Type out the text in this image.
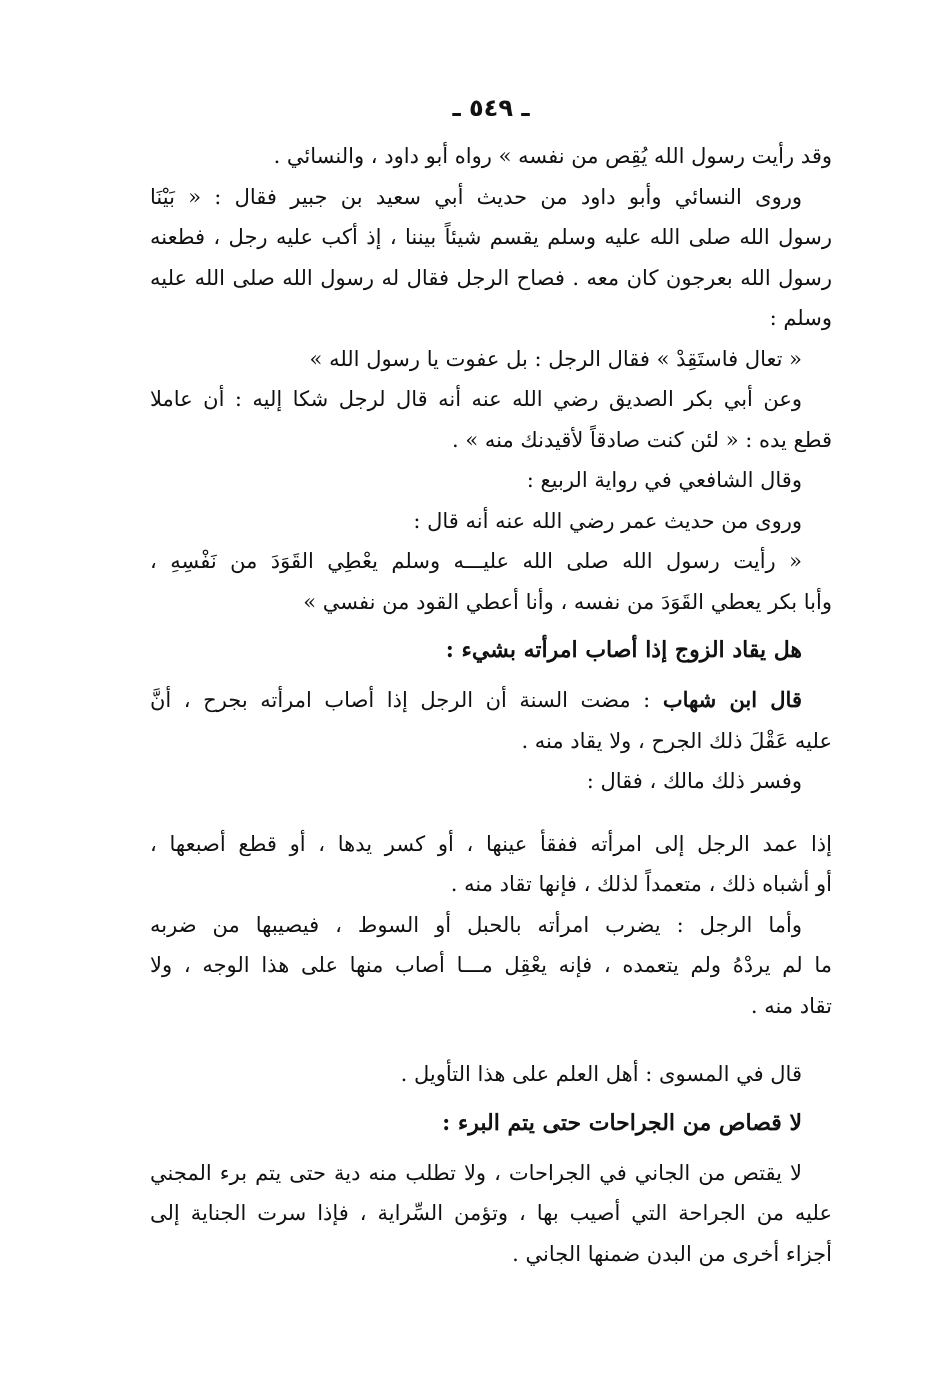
ـ ٥٤٩ ـ
وقد رأيت رسول الله يُقِص من نفسه » رواه أبو داود ، والنسائي .
وروى النسائي وأبو داود من حديث أبي سعيد بن جبير فقال : « بَيْنَا
رسول الله صلى الله عليه وسلم يقسم شيئاً بيننا ، إذ أكب عليه رجل ، فطعنه
رسول الله بعرجون كان معه . فصاح الرجل فقال له رسول الله صلى الله عليه
وسلم :
« تعال فاستَقِدْ » فقال الرجل : بل عفوت يا رسول الله »
وعن أبي بكر الصديق رضي الله عنه أنه قال لرجل شكا إليه : أن عاملا
قطع يده : « لئن كنت صادقاً لأقيدنك منه » .
وقال الشافعي في رواية الربيع :
وروى من حديث عمر رضي الله عنه أنه قال :
« رأيت رسول الله صلى الله عليـــه وسلم يعْطِي القَوَدَ من نَفْسِهِ ،
وأبا بكر يعطي القَوَدَ من نفسه ، وأنا أعطي القود من نفسي »
هل يقاد الزوج إذا أصاب امرأته بشيء :
قال ابن شهاب : مضت السنة أن الرجل إذا أصاب امرأته بجرح ، أنَّ
عليه عَقْلَ ذلك الجرح ، ولا يقاد منه .
وفسر ذلك مالك ، فقال :
إذا عمد الرجل إلى امرأته ففقأ عينها ، أو كسر يدها ، أو قطع أصبعها ،
أو أشباه ذلك ، متعمداً لذلك ، فإنها تقاد منه .
وأما الرجل : يضرب امرأته بالحبل أو السوط ، فيصيبها من ضربه
ما لم يردْهُ ولم يتعمده ، فإنه يعْقِل مـــا أصاب منها على هذا الوجه ، ولا
تقاد منه .
قال في المسوى : أهل العلم على هذا التأويل .
لا قصاص من الجراحات حتى يتم البرء :
لا يقتص من الجاني في الجراحات ، ولا تطلب منه دية حتى يتم برء المجني
عليه من الجراحة التي أصيب بها ، وتؤمن السِّراية ، فإذا سرت الجناية إلى
أجزاء أخرى من البدن ضمنها الجاني .
